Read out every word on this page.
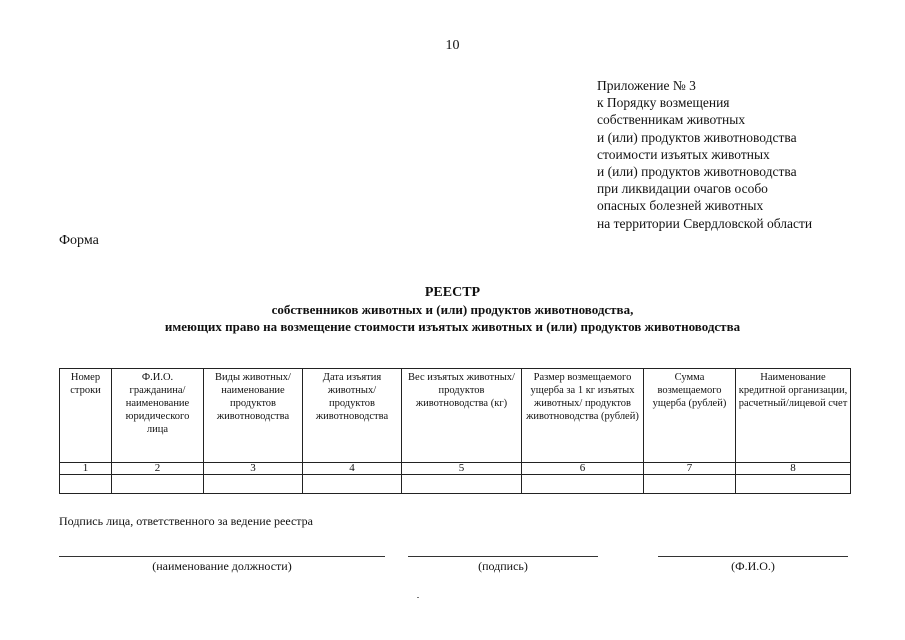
10
Приложение № 3
к Порядку возмещения
собственникам животных
и (или) продуктов животноводства
стоимости изъятых животных
и (или) продуктов животноводства
при ликвидации очагов особо
опасных болезней животных
на территории Свердловской области
Форма
РЕЕСТР
собственников животных и (или) продуктов животноводства,
имеющих право на возмещение стоимости изъятых животных и (или) продуктов животноводства
Номер строки	Ф.И.О. гражданина/ наименование юридического лица	Виды животных/ наименование продуктов животноводства	Дата изъятия животных/ продуктов животноводства	Вес изъятых животных/продуктов животноводства (кг)	Размер возмещаемого ущерба за 1 кг изъятых животных/ продуктов животноводства (рублей)	Сумма возмещаемого ущерба (рублей)	Наименование кредитной организации, расчетный/лицевой счет
1	2	3	4	5	6	7	8

Подпись лица, ответственного за ведение реестра
(наименование должности)	(подпись)	(Ф.И.О.)
